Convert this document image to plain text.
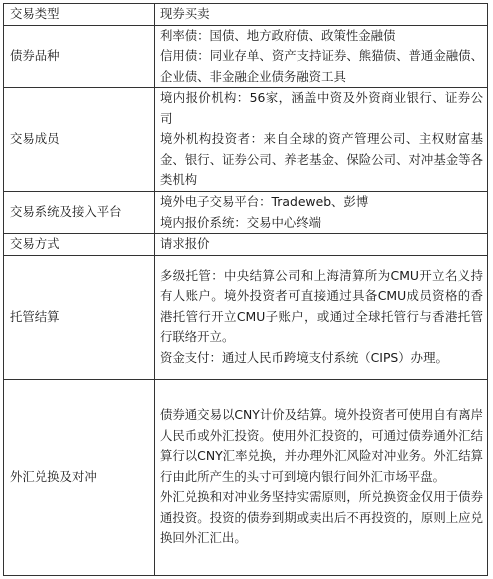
交易类型	现券买卖

债券品种	利率债：国债、地方政府债、政策性金融债
信用债：同业存单、资产支持证券、熊猫债、普通金融债、企业债、非金融企业债务融资工具

交易成员	境内报价机构：56家，涵盖中资及外资商业银行、证券公司
境外机构投资者：来自全球的资产管理公司、主权财富基金、银行、证券公司、养老基金、保险公司、对冲基金等各类机构

交易系统及接入平台	境外电子交易平台：Tradeweb、彭博
境内报价系统：交易中心终端

交易方式	请求报价

托管结算	多级托管：中央结算公司和上海清算所为CMU开立名义持有人账户。境外投资者可直接通过具备CMU成员资格的香港托管行开立CMU子账户，或通过全球托管行与香港托管行联络开立。
资金支付：通过人民币跨境支付系统（CIPS）办理。

外汇兑换及对冲	债券通交易以CNY计价及结算。境外投资者可使用自有离岸人民币或外汇投资。使用外汇投资的，可通过债券通外汇结算行以CNY汇率兑换，并办理外汇风险对冲业务。外汇结算行由此所产生的头寸可到境内银行间外汇市场平盘。
外汇兑换和对冲业务坚持实需原则，所兑换资金仅用于债券通投资。投资的债券到期或卖出后不再投资的，原则上应兑换回外汇汇出。
